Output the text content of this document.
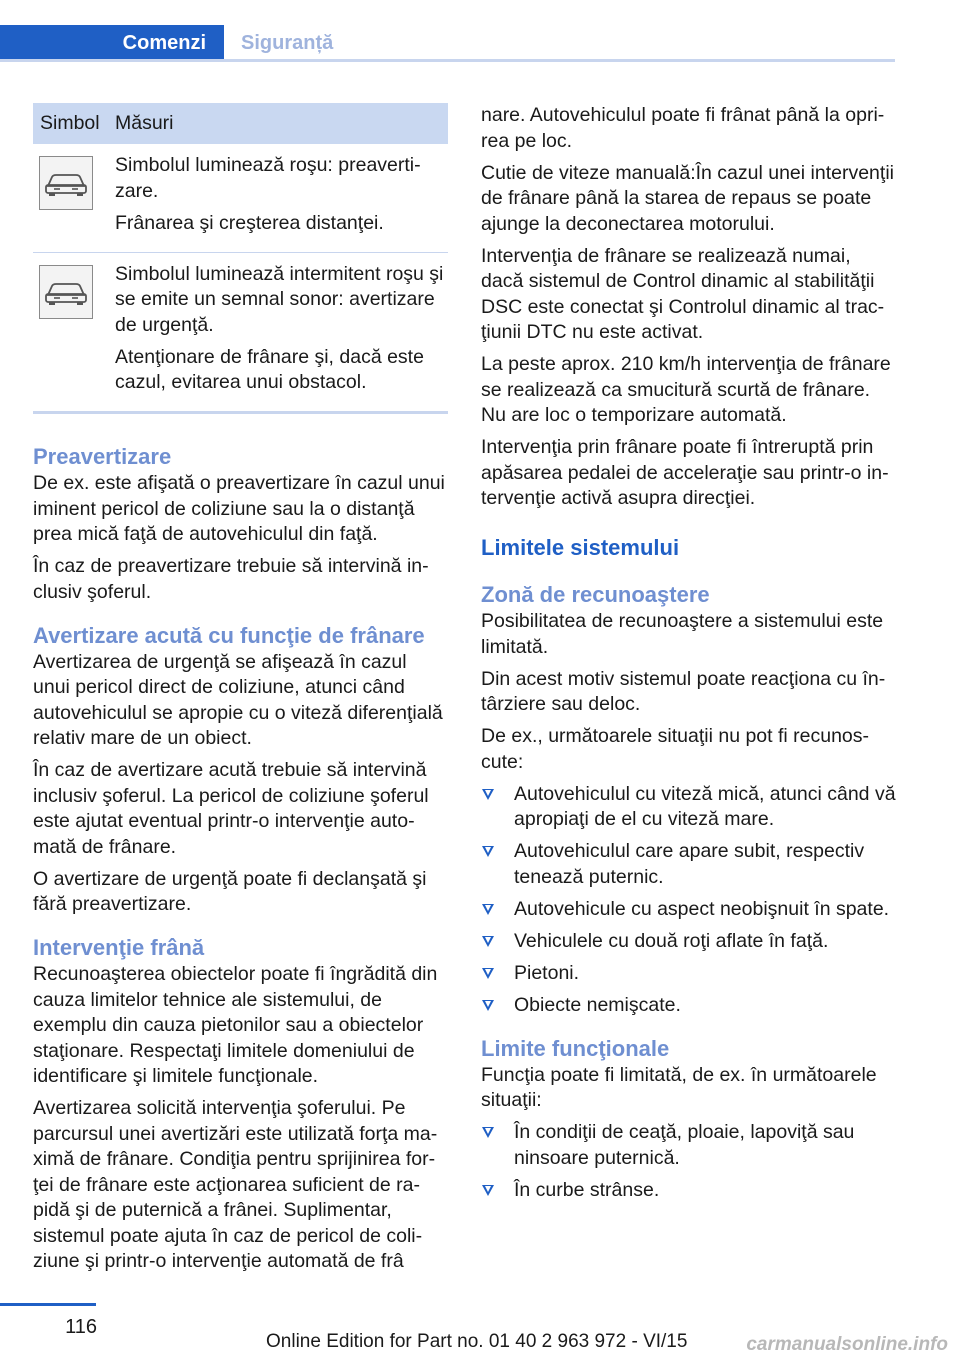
Comenzi	Siguranță
Simbol Măsuri

Simbolul luminează roşu: preavertizare.

Frânarea şi creşterea distanţei.

Simbolul luminează intermitent roşu şi se emite un semnal sonor: avertizare de urgenţă.

Atenţionare de frânare şi, dacă este cazul, evitarea unui obstacol.

Preavertizare

De ex. este afişată o preavertizare în cazul unui iminent pericol de coliziune sau la o distanţă prea mică faţă de autovehiculul din faţă.

În caz de preavertizare trebuie să intervină inclusiv şoferul.

Avertizare acută cu funcţie de frânare

Avertizarea de urgenţă se afişează în cazul unui pericol direct de coliziune, atunci când autovehiculul se apropie cu o viteză diferenţială relativ mare de un obiect.

În caz de avertizare acută trebuie să intervină inclusiv şoferul. La pericol de coliziune şoferul este ajutat eventual printr-o intervenţie automată de frânare.

O avertizare de urgenţă poate fi declanşată şi fără preavertizare.

Intervenţie frână

Recunoaşterea obiectelor poate fi îngrădită din cauza limitelor tehnice ale sistemului, de exemplu din cauza pietonilor sau a obiectelor staţionare. Respectaţi limitele domeniului de identificare şi limitele funcţionale.

Avertizarea solicită intervenţia şoferului. Pe parcursul unei avertizări este utilizată forţa maximă de frânare. Condiţia pentru sprijinirea forţei de frânare este acţionarea suficient de rapidă şi de puternică a frânei. Suplimentar, sistemul poate ajuta în caz de pericol de coliziune şi printr-o intervenţie automată de frâ

nare. Autovehiculul poate fi frânat până la oprirea pe loc.

Cutie de viteze manuală:În cazul unei intervenţii de frânare până la starea de repaus se poate ajunge la deconectarea motorului.

Intervenţia de frânare se realizează numai, dacă sistemul de Control dinamic al stabilităţii DSC este conectat şi Controlul dinamic al tracţiunii DTC nu este activat.

La peste aprox. 210 km/h intervenţia de frânare se realizează ca smucitură scurtă de frânare. Nu are loc o temporizare automată.

Intervenţia prin frânare poate fi întreruptă prin apăsarea pedalei de acceleraţie sau printr-o intervenţie activă asupra direcţiei.

Limitele sistemului
Zonă de recunoaştere

Posibilitatea de recunoaştere a sistemului este limitată.

Din acest motiv sistemul poate reacţiona cu întârziere sau deloc.

De ex., următoarele situaţii nu pot fi recunoscute:

Autovehiculul cu viteză mică, atunci când vă apropiaţi de el cu viteză mare.
Autovehiculul care apare subit, respectiv tenează puternic.
Autovehicule cu aspect neobişnuit în spate.
Vehiculele cu două roţi aflate în faţă.
Pietoni.
Obiecte nemişcate.
Limite funcţionale

Funcţia poate fi limitată, de ex. în următoarele situaţii:

În condiţii de ceaţă, ploaie, lapoviţă sau ninsoare puternică.
În curbe strânse.
116
Online Edition for Part no. 01 40 2 963 972 - VI/15	carmanualsonline.info
